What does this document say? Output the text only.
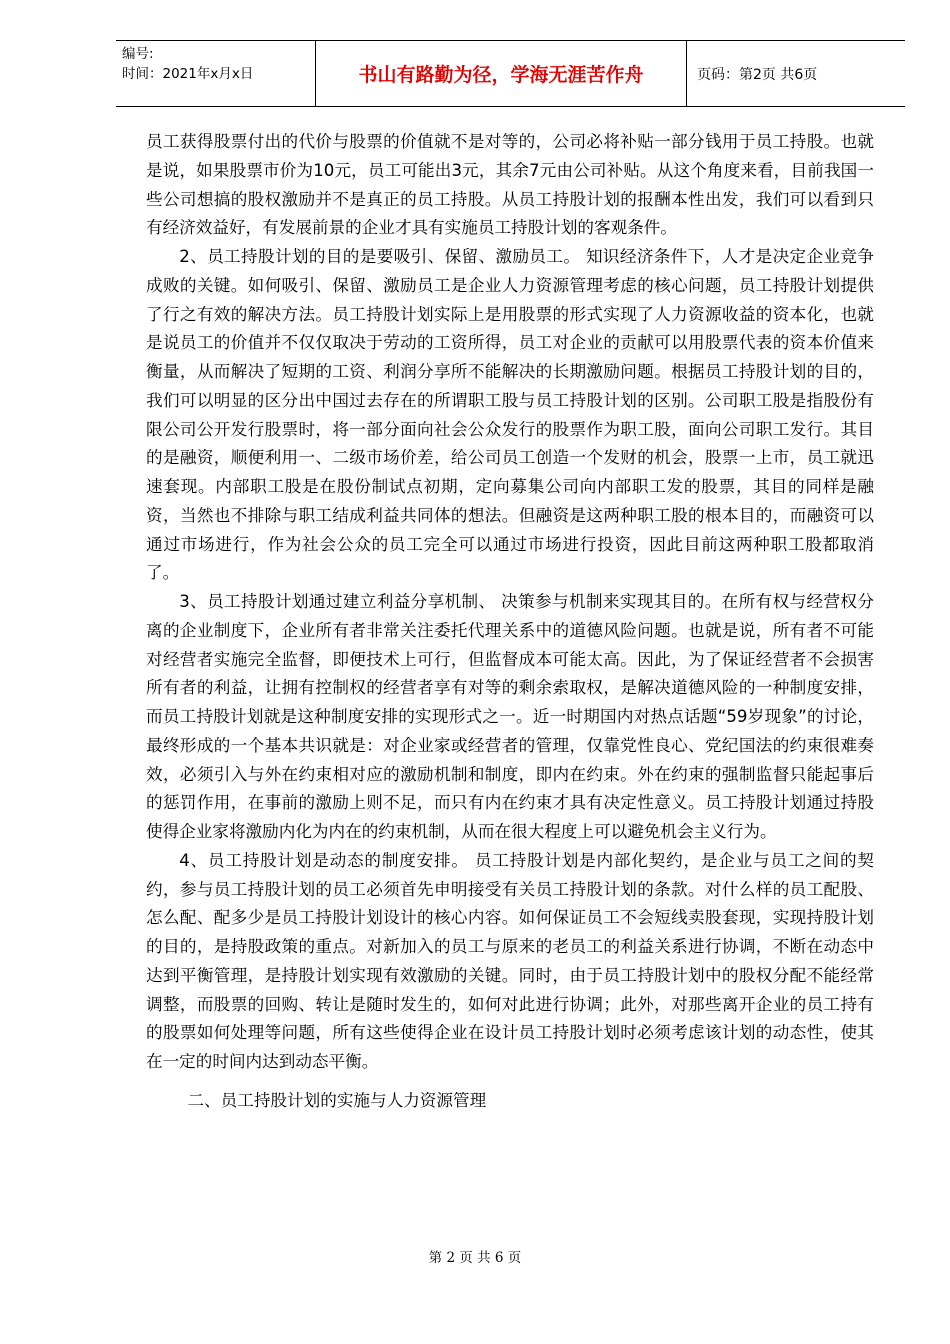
编号:
时间：2021年x月x日	书山有路勤为径，学海无涯苦作舟	页码：第2页 共6页

员工获得股票付出的代价与股票的价值就不是对等的，公司必将补贴一部分钱用于员工持股。也就是说，如果股票市价为10元，员工可能出3元，其余7元由公司补贴。从这个角度来看，目前我国一些公司想搞的股权激励并不是真正的员工持股。从员工持股计划的报酬本性出发，我们可以看到只有经济效益好，有发展前景的企业才具有实施员工持股计划的客观条件。

2、员工持股计划的目的是要吸引、保留、激励员工。 知识经济条件下，人才是决定企业竞争成败的关键。如何吸引、保留、激励员工是企业人力资源管理考虑的核心问题，员工持股计划提供了行之有效的解决方法。员工持股计划实际上是用股票的形式实现了人力资源收益的资本化，也就是说员工的价值并不仅仅取决于劳动的工资所得，员工对企业的贡献可以用股票代表的资本价值来衡量，从而解决了短期的工资、利润分享所不能解决的长期激励问题。根据员工持股计划的目的，我们可以明显的区分出中国过去存在的所谓职工股与员工持股计划的区别。公司职工股是指股份有限公司公开发行股票时，将一部分面向社会公众发行的股票作为职工股，面向公司职工发行。其目的是融资，顺便利用一、二级市场价差，给公司员工创造一个发财的机会，股票一上市，员工就迅速套现。内部职工股是在股份制试点初期，定向募集公司向内部职工发的股票，其目的同样是融资，当然也不排除与职工结成利益共同体的想法。但融资是这两种职工股的根本目的，而融资可以通过市场进行，作为社会公众的员工完全可以通过市场进行投资，因此目前这两种职工股都取消了。

3、员工持股计划通过建立利益分享机制、 决策参与机制来实现其目的。在所有权与经营权分离的企业制度下，企业所有者非常关注委托代理关系中的道德风险问题。也就是说，所有者不可能对经营者实施完全监督，即便技术上可行，但监督成本可能太高。因此，为了保证经营者不会损害所有者的利益，让拥有控制权的经营者享有对等的剩余索取权，是解决道德风险的一种制度安排，而员工持股计划就是这种制度安排的实现形式之一。近一时期国内对热点话题“59岁现象”的讨论，最终形成的一个基本共识就是：对企业家或经营者的管理，仅靠党性良心、党纪国法的约束很难奏效，必须引入与外在约束相对应的激励机制和制度，即内在约束。外在约束的强制监督只能起事后的惩罚作用，在事前的激励上则不足，而只有内在约束才具有决定性意义。员工持股计划通过持股使得企业家将激励内化为内在的约束机制，从而在很大程度上可以避免机会主义行为。

4、员工持股计划是动态的制度安排。 员工持股计划是内部化契约，是企业与员工之间的契约，参与员工持股计划的员工必须首先申明接受有关员工持股计划的条款。对什么样的员工配股、怎么配、配多少是员工持股计划设计的核心内容。如何保证员工不会短线卖股套现，实现持股计划的目的，是持股政策的重点。对新加入的员工与原来的老员工的利益关系进行协调，不断在动态中达到平衡管理，是持股计划实现有效激励的关键。同时，由于员工持股计划中的股权分配不能经常调整，而股票的回购、转让是随时发生的，如何对此进行协调；此外，对那些离开企业的员工持有的股票如何处理等问题，所有这些使得企业在设计员工持股计划时必须考虑该计划的动态性，使其在一定的时间内达到动态平衡。

二、员工持股计划的实施与人力资源管理

第 2 页 共 6 页
